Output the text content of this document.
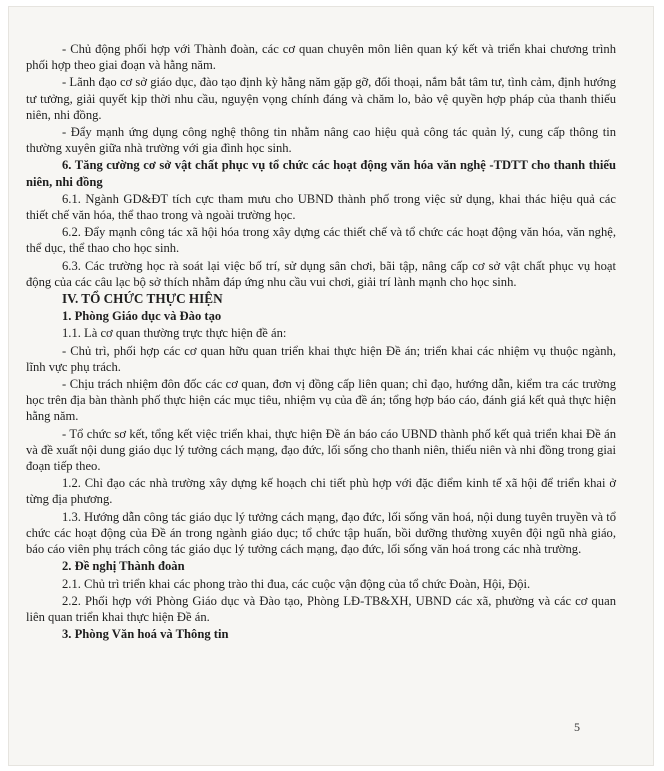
- Chủ động phối hợp với Thành đoàn, các cơ quan chuyên môn liên quan ký kết và triển khai chương trình phối hợp theo giai đoạn và hằng năm.

- Lãnh đạo cơ sở giáo dục, đào tạo định kỳ hằng năm gặp gỡ, đối thoại, nắm bắt tâm tư, tình cảm, định hướng tư tưởng, giải quyết kịp thời nhu cầu, nguyện vọng chính đáng và chăm lo, bảo vệ quyền hợp pháp của thanh thiếu niên, nhi đồng.

- Đẩy mạnh ứng dụng công nghệ thông tin nhằm nâng cao hiệu quả công tác quản lý, cung cấp thông tin thường xuyên giữa nhà trường với gia đình học sinh.

6. Tăng cường cơ sở vật chất phục vụ tổ chức các hoạt động văn hóa văn nghệ -TDTT cho thanh thiếu niên, nhi đồng

6.1. Ngành GD&ĐT tích cực tham mưu cho UBND thành phố trong việc sử dụng, khai thác hiệu quả các thiết chế văn hóa, thể thao trong và ngoài trường học.

6.2. Đẩy mạnh công tác xã hội hóa trong xây dựng các thiết chế và tổ chức các hoạt động văn hóa, văn nghệ, thể dục, thể thao cho học sinh.

6.3. Các trường học rà soát lại việc bố trí, sử dụng sân chơi, bãi tập, nâng cấp cơ sở vật chất phục vụ hoạt động của các câu lạc bộ sở thích nhằm đáp ứng nhu cầu vui chơi, giải trí lành mạnh cho học sinh.

IV. TỔ CHỨC THỰC HIỆN

1. Phòng Giáo dục và Đào tạo

1.1. Là cơ quan thường trực thực hiện đề án:

- Chủ trì, phối hợp các cơ quan hữu quan triển khai thực hiện Đề án; triển khai các nhiệm vụ thuộc ngành, lĩnh vực phụ trách.

- Chịu trách nhiệm đôn đốc các cơ quan, đơn vị đồng cấp liên quan; chỉ đạo, hướng dẫn, kiểm tra các trường học trên địa bàn thành phố thực hiện các mục tiêu, nhiệm vụ của đề án; tổng hợp báo cáo, đánh giá kết quả thực hiện hằng năm.

- Tổ chức sơ kết, tổng kết việc triển khai, thực hiện Đề án báo cáo UBND thành phố kết quả triển khai Đề án và đề xuất nội dung giáo dục lý tưởng cách mạng, đạo đức, lối sống cho thanh niên, thiếu niên và nhi đồng trong giai đoạn tiếp theo.

1.2. Chỉ đạo các nhà trường xây dựng kế hoạch chi tiết phù hợp với đặc điểm kinh tế xã hội để triển khai ở từng địa phương.

1.3. Hướng dẫn công tác giáo dục lý tưởng cách mạng, đạo đức, lối sống văn hoá, nội dung tuyên truyền và tổ chức các hoạt động của Đề án trong ngành giáo dục; tổ chức tập huấn, bồi dưỡng thường xuyên đội ngũ nhà giáo, báo cáo viên phụ trách công tác giáo dục lý tưởng cách mạng, đạo đức, lối sống văn hoá trong các nhà trường.

2. Đề nghị Thành đoàn

2.1. Chủ trì triển khai các phong trào thi đua, các cuộc vận động của tổ chức Đoàn, Hội, Đội.

2.2. Phối hợp với Phòng Giáo dục và Đào tạo, Phòng LĐ-TB&XH, UBND các xã, phường và các cơ quan liên quan triển khai thực hiện Đề án.

3. Phòng Văn hoá và Thông tin

5
